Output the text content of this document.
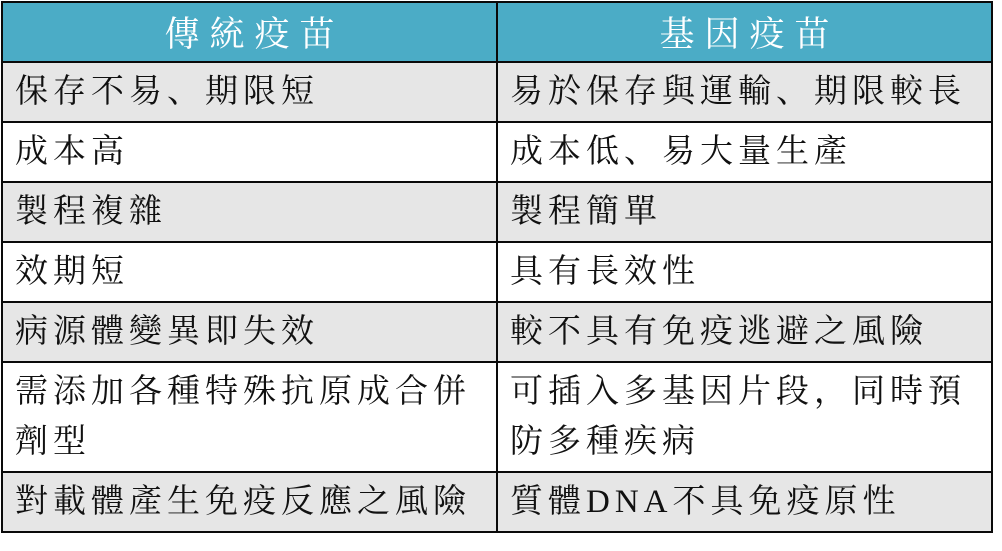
傳統疫苗	基因疫苗
保存不易、期限短	易於保存與運輸、期限較長
成本高	成本低、易大量生產
製程複雜	製程簡單
效期短	具有長效性
病源體變異即失效	較不具有免疫逃避之風險
需添加各種特殊抗原成合併劑型	可插入多基因片段，同時預防多種疾病
對載體產生免疫反應之風險	質體DNA不具免疫原性
